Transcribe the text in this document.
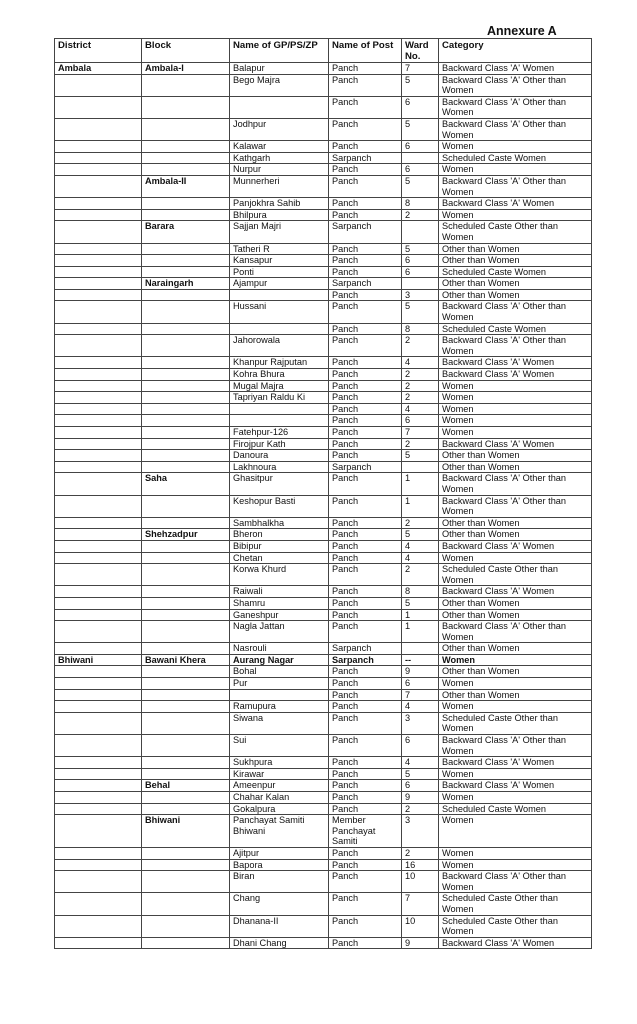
Annexure A
District	Block	Name of GP/PS/ZP	Name of Post	Ward No.	Category
Ambala	Ambala-I	Balapur	Panch	7	Backward Class 'A' Women
		Bego Majra	Panch	5	Backward Class 'A' Other than Women
			Panch	6	Backward Class 'A' Other than Women
		Jodhpur	Panch	5	Backward Class 'A' Other than Women
		Kalawar	Panch	6	Women
		Kathgarh	Sarpanch		Scheduled Caste Women
		Nurpur	Panch	6	Women
	Ambala-II	Munnerheri	Panch	5	Backward Class 'A' Other than Women
		Panjokhra Sahib	Panch	8	Backward Class 'A' Women
		Bhilpura	Panch	2	Women
	Barara	Sajjan Majri	Sarpanch		Scheduled Caste Other than Women
		Tatheri R	Panch	5	Other than Women
		Kansapur	Panch	6	Other than Women
		Ponti	Panch	6	Scheduled Caste Women
	Naraingarh	Ajampur	Sarpanch		Other than Women
			Panch	3	Other than Women
		Hussani	Panch	5	Backward Class 'A' Other than Women
			Panch	8	Scheduled Caste Women
		Jahorowala	Panch	2	Backward Class 'A' Other than Women
		Khanpur Rajputan	Panch	4	Backward Class 'A' Women
		Kohra Bhura	Panch	2	Backward Class 'A' Women
		Mugal Majra	Panch	2	Women
		Tapriyan Raldu Ki	Panch	2	Women
			Panch	4	Women
			Panch	6	Women
		Fatehpur-126	Panch	7	Women
		Firojpur Kath	Panch	2	Backward Class 'A' Women
		Danoura	Panch	5	Other than Women
		Lakhnoura	Sarpanch		Other than Women
	Saha	Ghasitpur	Panch	1	Backward Class 'A' Other than Women
		Keshopur Basti	Panch	1	Backward Class 'A' Other than Women
		Sambhalkha	Panch	2	Other than Women
	Shehzadpur	Bheron	Panch	5	Other than Women
		Bibipur	Panch	4	Backward Class 'A' Women
		Chetan	Panch	4	Women
		Korwa Khurd	Panch	2	Scheduled Caste Other than Women
		Raiwali	Panch	8	Backward Class 'A' Women
		Shamru	Panch	5	Other than Women
		Ganeshpur	Panch	1	Other than Women
		Nagla Jattan	Panch	1	Backward Class 'A' Other than Women
		Nasrouli	Sarpanch		Other than Women
Bhiwani	Bawani Khera	Aurang Nagar	Sarpanch	--	Women
		Bohal	Panch	9	Other than Women
		Pur	Panch	6	Women
			Panch	7	Other than Women
		Ramupura	Panch	4	Women
		Siwana	Panch	3	Scheduled Caste Other than Women
		Sui	Panch	6	Backward Class 'A' Other than Women
		Sukhpura	Panch	4	Backward Class 'A' Women
		Kirawar	Panch	5	Women
	Behal	Ameenpur	Panch	6	Backward Class 'A' Women
		Chahar Kalan	Panch	9	Women
		Gokalpura	Panch	2	Scheduled Caste Women
	Bhiwani	Panchayat Samiti Bhiwani	Member Panchayat Samiti	3	Women
		Ajitpur	Panch	2	Women
		Bapora	Panch	16	Women
		Biran	Panch	10	Backward Class 'A' Other than Women
		Chang	Panch	7	Scheduled Caste Other than Women
		Dhanana-II	Panch	10	Scheduled Caste Other than Women
		Dhani Chang	Panch	9	Backward Class 'A' Women
